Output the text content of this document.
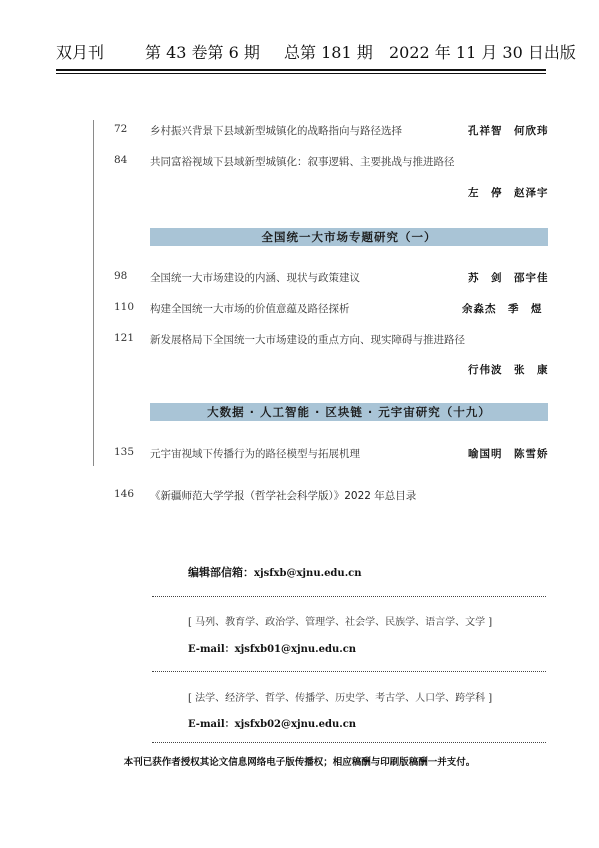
双月刊	第 43 卷第 6 期 总第 181 期 2022 年 11 月 30 日出版
72 乡村振兴背景下县域新型城镇化的战略指向与路径选择	孔祥智　何欣玮
84 共同富裕视域下县域新型城镇化：叙事逻辑、主要挑战与推进路径
左　停　赵泽宇
全国统一大市场专题研究（一）
98 全国统一大市场建设的内涵、现状与政策建议	苏　剑　邵宇佳
110 构建全国统一大市场的价值意蕴及路径探析	余淼杰　季　煜
121 新发展格局下全国统一大市场建设的重点方向、现实障碍与推进路径
行伟波　张　康
大数据 · 人工智能 · 区块链 · 元宇宙研究（十九）
135 元宇宙视域下传播行为的路径模型与拓展机理	喻国明　陈雪娇
146 《新疆师范大学学报（哲学社会科学版）》2022 年总目录
编辑部信箱：xjsfxb@xjnu.edu.cn
[ 马列、教育学、政治学、管理学、社会学、民族学、语言学、文学 ]
E-mail：xjsfxb01@xjnu.edu.cn
[ 法学、经济学、哲学、传播学、历史学、考古学、人口学、跨学科 ]
E-mail：xjsfxb02@xjnu.edu.cn
本刊已获作者授权其论文信息网络电子版传播权；相应稿酬与印刷版稿酬一并支付。
